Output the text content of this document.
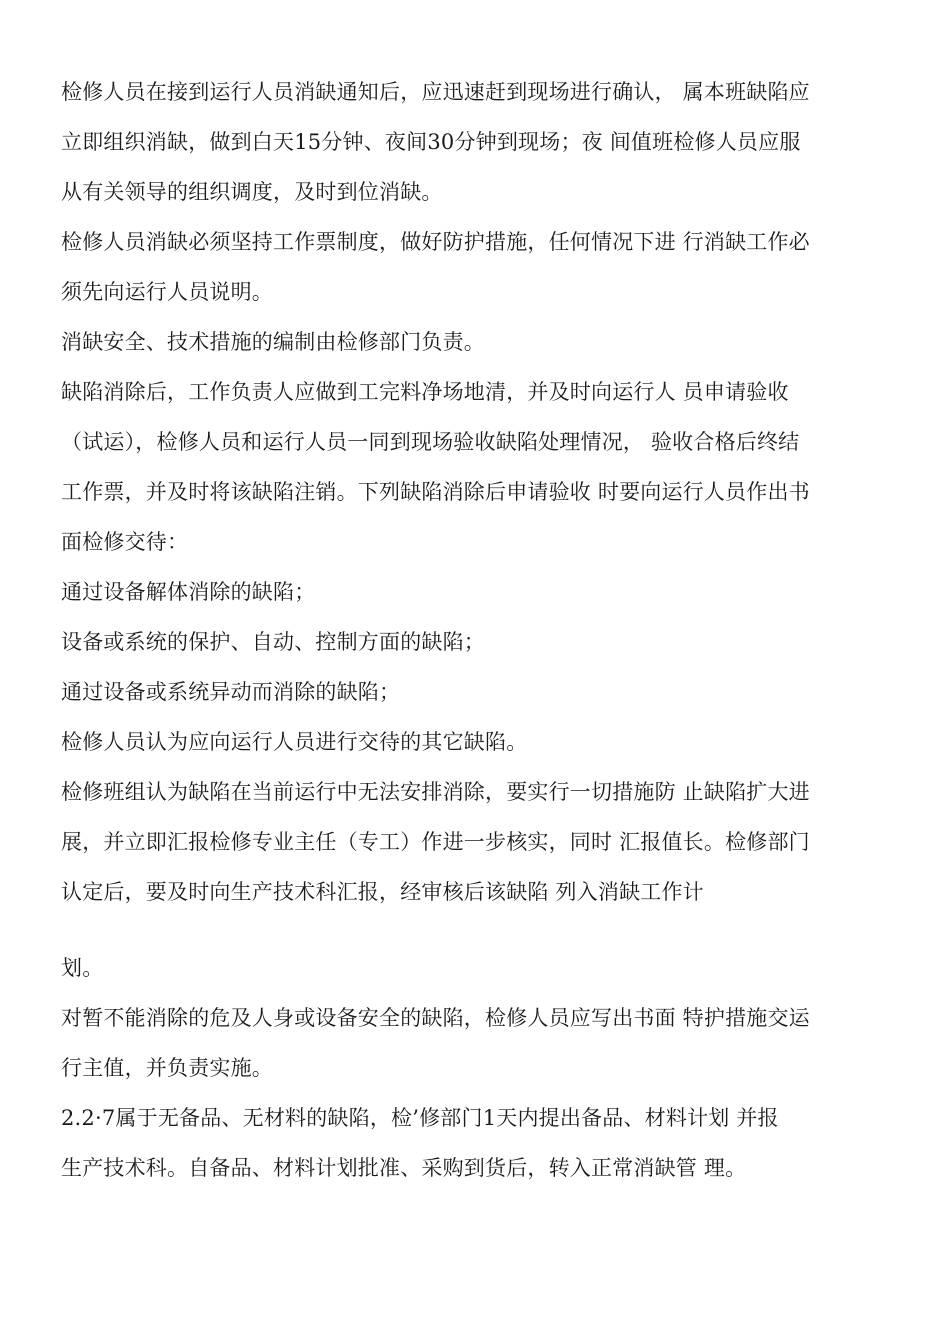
检修人员在接到运行人员消缺通知后，应迅速赶到现场进行确认， 属本班缺陷应
立即组织消缺，做到白天15分钟、夜间30分钟到现场；夜 间值班检修人员应服
从有关领导的组织调度，及时到位消缺。
检修人员消缺必须坚持工作票制度，做好防护措施，任何情况下进 行消缺工作必
须先向运行人员说明。
消缺安全、技术措施的编制由检修部门负责。
缺陷消除后，工作负责人应做到工完料净场地清，并及时向运行人 员申请验收
（试运），检修人员和运行人员一同到现场验收缺陷处理情况， 验收合格后终结
工作票，并及时将该缺陷注销。下列缺陷消除后申请验收 时要向运行人员作出书
面检修交待：
通过设备解体消除的缺陷；
设备或系统的保护、自动、控制方面的缺陷；
通过设备或系统异动而消除的缺陷；
检修人员认为应向运行人员进行交待的其它缺陷。
检修班组认为缺陷在当前运行中无法安排消除，要实行一切措施防 止缺陷扩大进
展，并立即汇报检修专业主任（专工）作进一步核实，同时 汇报值长。检修部门
认定后，要及时向生产技术科汇报，经审核后该缺陷 列入消缺工作计
划。
对暂不能消除的危及人身或设备安全的缺陷，检修人员应写出书面 特护措施交运
行主值，并负责实施。
2.2·7属于无备品、无材料的缺陷，检’修部门1天内提出备品、材料计划 并报
生产技术科。自备品、材料计划批准、采购到货后，转入正常消缺管 理。
